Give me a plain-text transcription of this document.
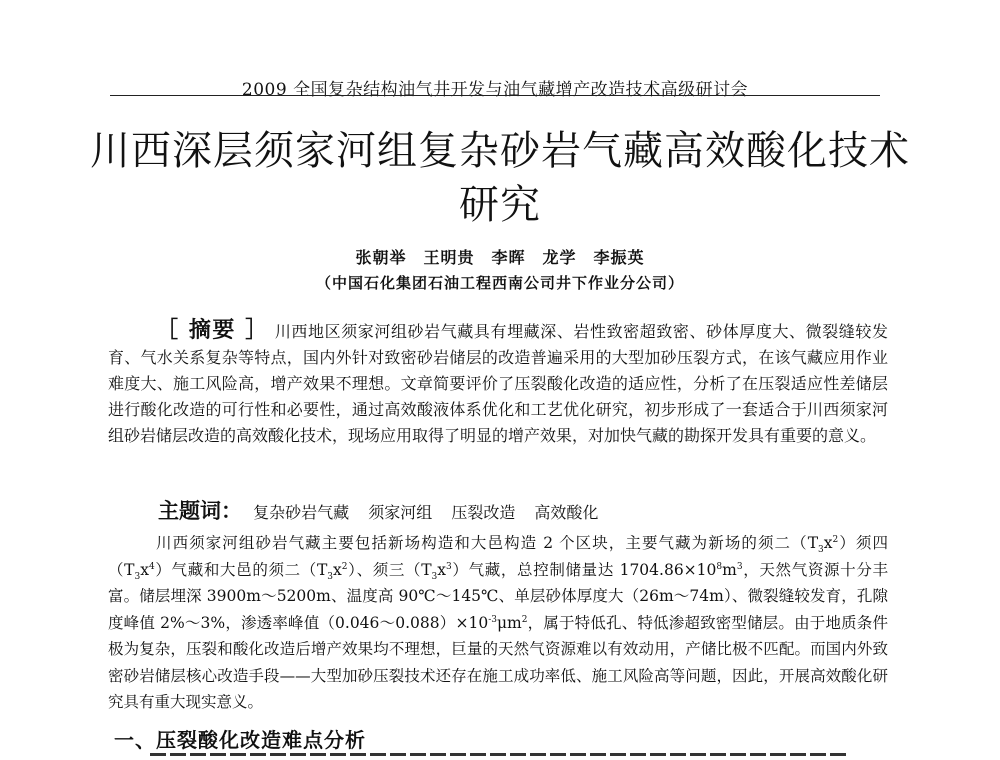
2009 全国复杂结构油气井开发与油气藏增产改造技术高级研讨会
川西深层须家河组复杂砂岩气藏高效酸化技术
研究
张朝举　王明贵　李晖　龙学　李振英
（中国石化集团石油工程西南公司井下作业分公司）
［ 摘要 ］ 川西地区须家河组砂岩气藏具有埋藏深、岩性致密超致密、砂体厚度大、微裂缝较发育、气水关系复杂等特点，国内外针对致密砂岩储层的改造普遍采用的大型加砂压裂方式，在该气藏应用作业难度大、施工风险高，增产效果不理想。文章简要评价了压裂酸化改造的适应性，分析了在压裂适应性差储层进行酸化改造的可行性和必要性，通过高效酸液体系优化和工艺优化研究，初步形成了一套适合于川西须家河组砂岩储层改造的高效酸化技术，现场应用取得了明显的增产效果，对加快气藏的勘探开发具有重要的意义。
主题词： 复杂砂岩气藏 须家河组 压裂改造 高效酸化
川西须家河组砂岩气藏主要包括新场构造和大邑构造 2 个区块，主要气藏为新场的须二$(T_3x^2)$须四$(T_3x^4)$气藏和大邑的须二$(T_3x^2)$、须三$(T_3x^3)$气藏，总控制储量达 $1704.86\times 10^8m^3$，天然气资源十分丰富。储层埋深 3900m～5200m、温度高 90℃～145℃、单层砂体厚度大（26m～74m）、微裂缝较发育，孔隙度峰值 2%～3%，渗透率峰值$(0.046\sim 0.088)\times 10^{-3}\mu m^2$，属于特低孔、特低渗超致密型储层。由于地质条件极为复杂，压裂和酸化改造后增产效果均不理想，巨量的天然气资源难以有效动用，产储比极不匹配。而国内外致密砂岩储层核心改造手段——大型加砂压裂技术还存在施工成功率低、施工风险高等问题，因此，开展高效酸化研究具有重大现实意义。
一、压裂酸化改造难点分析
